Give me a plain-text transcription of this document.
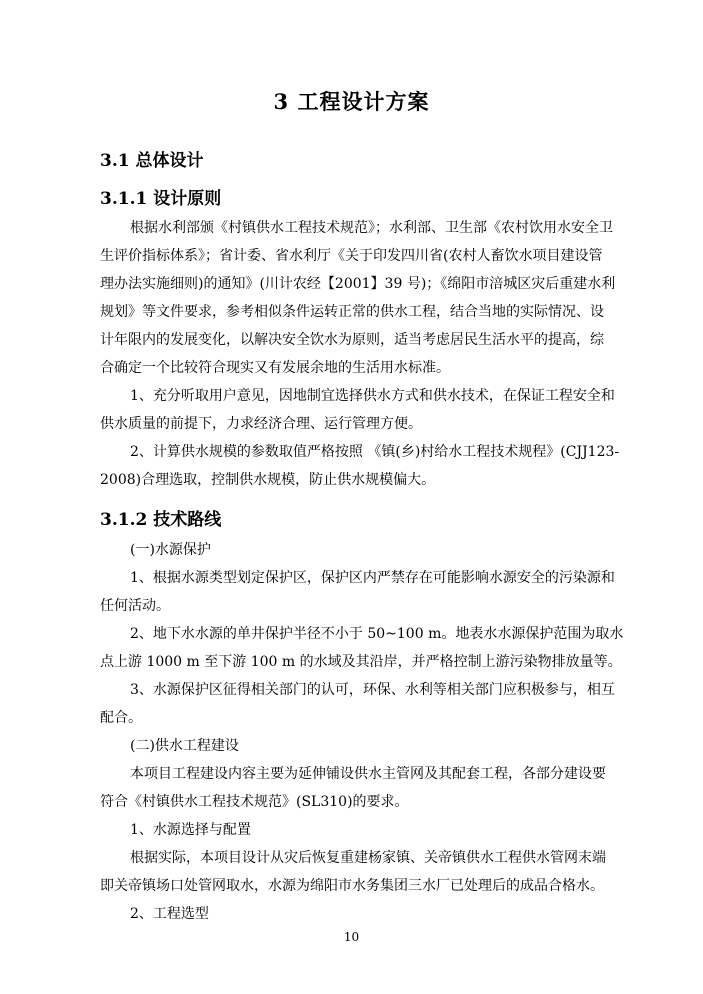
3 工程设计方案
3.1 总体设计
3.1.1 设计原则
根据水利部颁《村镇供水工程技术规范》；水利部、卫生部《农村饮用水安全卫
生评价指标体系》；省计委、省水利厅《关于印发四川省(农村人畜饮水项目建设管
理办法实施细则)的通知》(川计农经【2001】39 号)；《绵阳市涪城区灾后重建水利
规划》等文件要求，参考相似条件运转正常的供水工程，结合当地的实际情况、设
计年限内的发展变化，以解决安全饮水为原则，适当考虑居民生活水平的提高，综
合确定一个比较符合现实又有发展余地的生活用水标准。
1、充分听取用户意见，因地制宜选择供水方式和供水技术，在保证工程安全和
供水质量的前提下，力求经济合理、运行管理方便。
2、计算供水规模的参数取值严格按照 《镇(乡)村给水工程技术规程》(CJJ123-
2008)合理选取，控制供水规模，防止供水规模偏大。
3.1.2 技术路线
(一)水源保护
1、根据水源类型划定保护区，保护区内严禁存在可能影响水源安全的污染源和
任何活动。
2、地下水水源的单井保护半径不小于 50~100 m。地表水水源保护范围为取水
点上游 1000 m 至下游 100 m 的水域及其沿岸，并严格控制上游污染物排放量等。
3、水源保护区征得相关部门的认可，环保、水利等相关部门应积极参与，相互
配合。
(二)供水工程建设
本项目工程建设内容主要为延伸铺设供水主管网及其配套工程，各部分建设要
符合《村镇供水工程技术规范》(SL310)的要求。
1、水源选择与配置
根据实际，本项目设计从灾后恢复重建杨家镇、关帝镇供水工程供水管网末端
即关帝镇场口处管网取水，水源为绵阳市水务集团三水厂已处理后的成品合格水。
2、工程选型
10
